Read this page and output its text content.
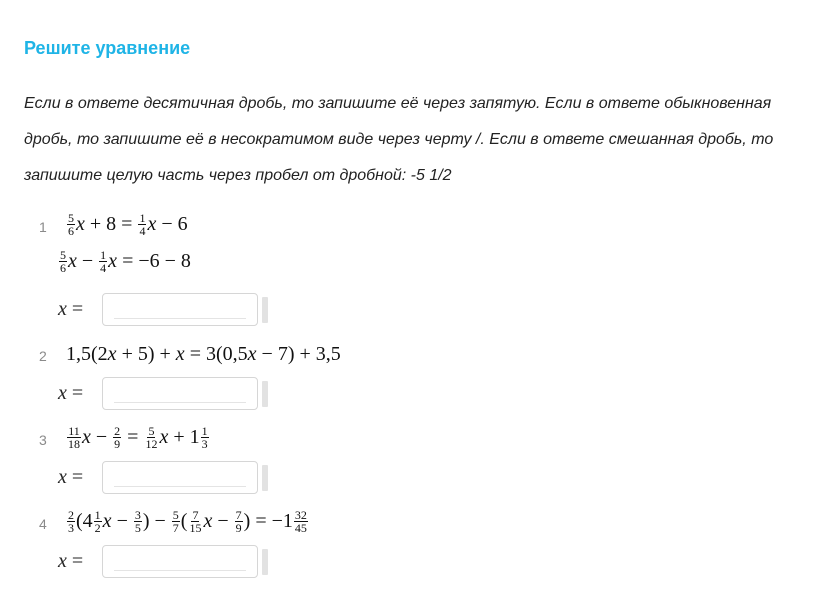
Решите уравнение
Если в ответе десятичная дробь, то запишите её через запятую. Если в ответе обыкновенная дробь, то запишите её в несократимом виде через черту /. Если в ответе смешанная дробь, то запишите целую часть через пробел от дробной: -5 1/2
$1 \frac{5}{6}$ $x + 8 = \frac{1}{4}$ x − 6
$\frac{5}{6}$ $x - \frac{1}{4}$ x = −6 − 8
x =
2 1,5(2 x + 5) + x = 3(0,5 x − 7) + 3,5
x =
$3 \frac{11}{18}$ $x - \frac{2}{9} = \frac{5}{12}$ $x + 1 \frac{1}{3}$
x =
$4 \frac{2}{3} (4 \frac{1}{2}$ $x - \frac{3}{5}$ ) − $\frac{5}{7}$ ( $\frac{7}{15}$ $x - \frac{7}{9}$ ) = $-1 \frac{32}{45}$
x =
